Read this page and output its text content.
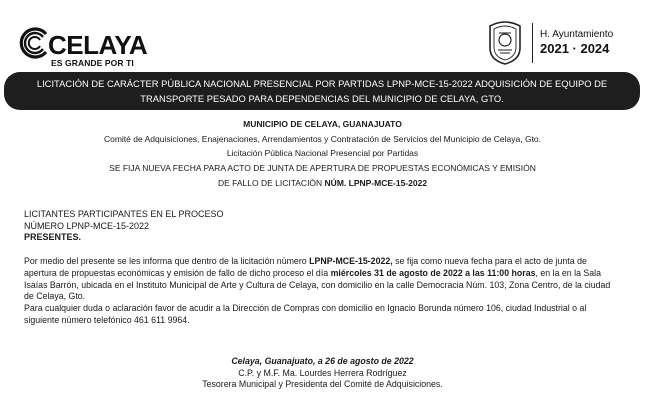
CELAYA
ES GRANDE POR TI
H. Ayuntamiento
2021 · 2024
LICITACIÓN DE CARÁCTER PÚBLICA NACIONAL PRESENCIAL POR PARTIDAS LPNP-MCE-15-2022 ADQUISICIÓN DE EQUIPO DE TRANSPORTE PESADO PARA DEPENDENCIAS DEL MUNICIPIO DE CELAYA, GTO.
MUNICIPIO DE CELAYA, GUANAJUATO
Comité de Adquisiciones, Enajenaciones, Arrendamientos y Contratación de Servicios del Municipio de Celaya, Gto.
Licitación Pública Nacional Presencial por Partidas
SE FIJA NUEVA FECHA PARA ACTO DE JUNTA DE APERTURA DE PROPUESTAS ECONÓMICAS Y EMISIÓN
DE FALLO DE LICITACIÓN NÚM. LPNP-MCE-15-2022
LICITANTES PARTICIPANTES EN EL PROCESO
NÚMERO LPNP-MCE-15-2022
PRESENTES.

Por medio del presente se les informa que dentro de la licitación número LPNP-MCE-15-2022, se fija como nueva fecha para el acto de junta de apertura de propuestas económicas y emisión de fallo de dicho proceso el día miércoles 31 de agosto de 2022 a las 11:00 horas, en la en la Sala Isaías Barrón, ubicada en el Instituto Municipal de Arte y Cultura de Celaya, con domicilio en la calle Democracia Núm. 103, Zona Centro, de la ciudad de Celaya, Gto.

Para cualquier duda o aclaración favor de acudir a la Dirección de Compras con domicilio en Ignacio Borunda número 106, ciudad Industrial o al siguiente número telefónico 461 611 9964.

Celaya, Guanajuato, a 26 de agosto de 2022
C.P. y M.F. Ma. Lourdes Herrera Rodríguez
Tesorera Municipal y Presidenta del Comité de Adquisiciones.
